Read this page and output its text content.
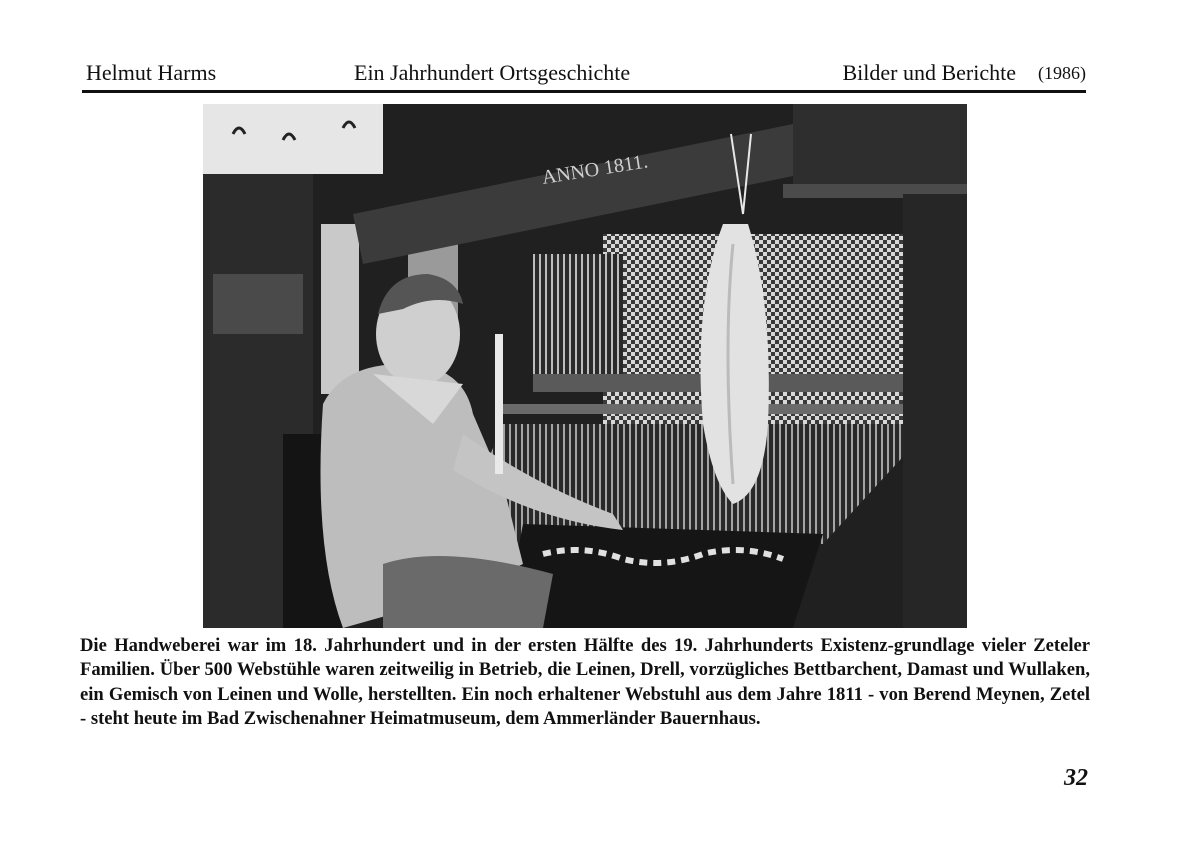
Helmut Harms	Ein Jahrhundert Ortsgeschichte	Bilder und Berichte (1986)
ANNO 1811.

Die Handweberei war im 18. Jahrhundert und in der ersten Hälfte des 19. Jahrhunderts Existenz-grundlage vieler Zeteler Familien. Über 500 Webstühle waren zeitweilig in Betrieb, die Leinen, Drell, vorzügliches Bettbarchent, Damast und Wullaken, ein Gemisch von Leinen und Wolle, herstellten. Ein noch erhaltener Webstuhl aus dem Jahre 1811 - von Berend Meynen, Zetel - steht heute im Bad Zwischenahner Heimatmuseum, dem Ammerländer Bauernhaus.

32
